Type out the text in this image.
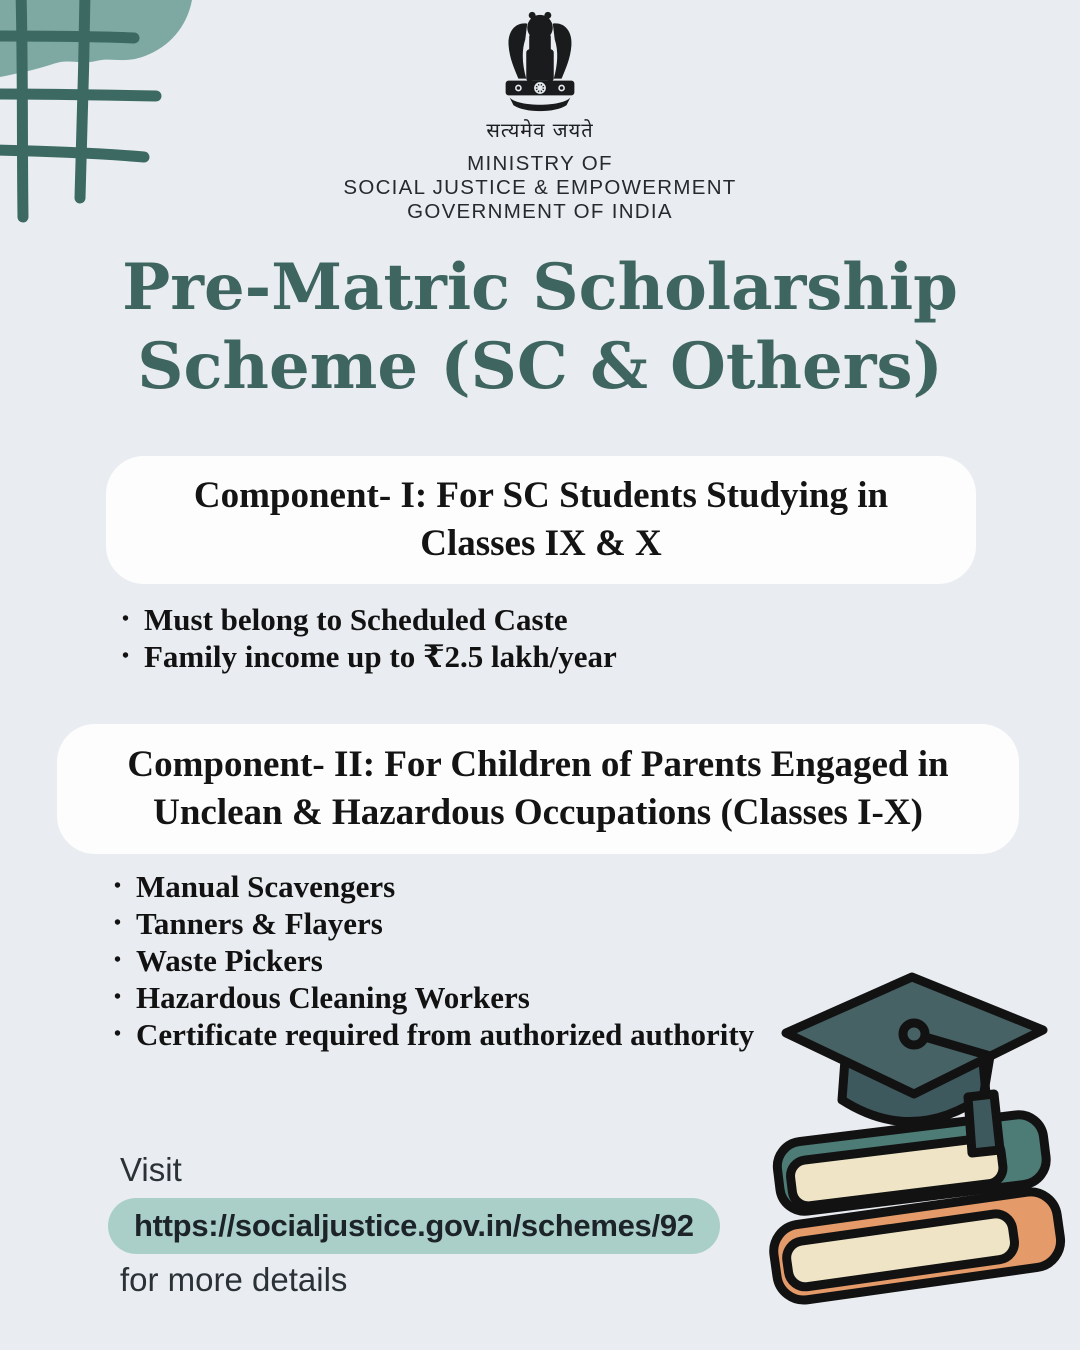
सत्यमेव जयते
MINISTRY OF
SOCIAL JUSTICE & EMPOWERMENT
GOVERNMENT OF INDIA
Pre-Matric Scholarship
Scheme (SC & Others)
Component- I: For SC Students Studying in Classes IX & X
• Must belong to Scheduled Caste
• Family income up to ₹2.5 lakh/year
Component- II: For Children of Parents Engaged in Unclean & Hazardous Occupations (Classes I-X)
• Manual Scavengers
• Tanners & Flayers
• Waste Pickers
• Hazardous Cleaning Workers
• Certificate required from authorized authority
Visit
https://socialjustice.gov.in/schemes/92
for more details
